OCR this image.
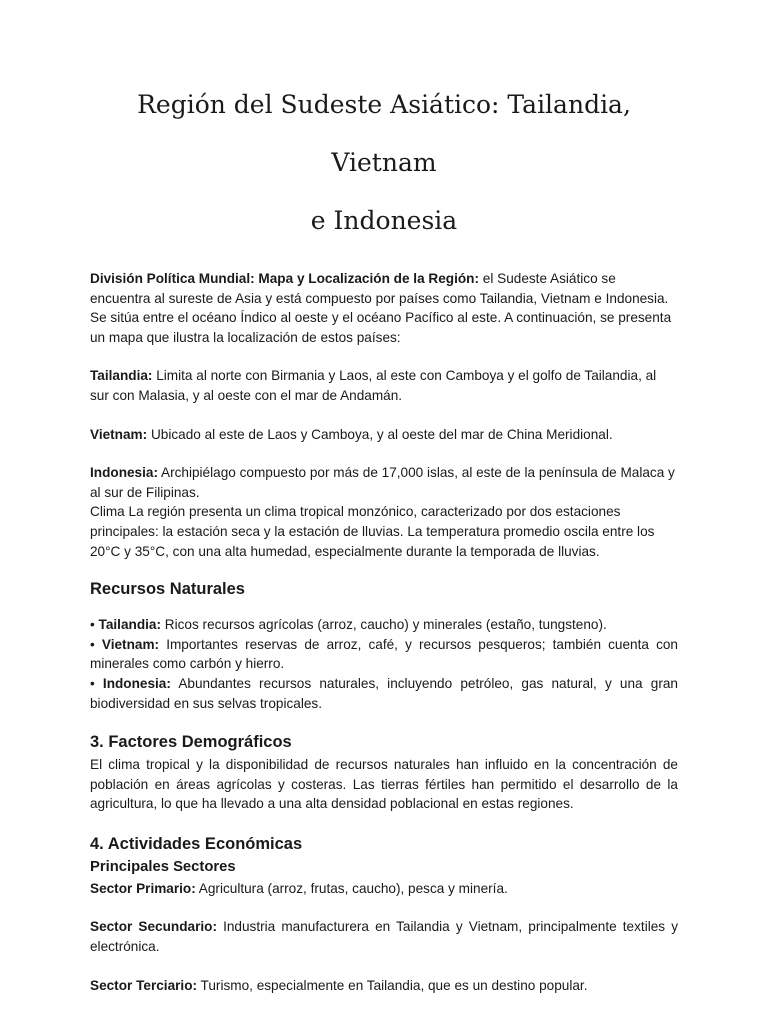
Región del Sudeste Asiático: Tailandia, Vietnam
e Indonesia

División Política Mundial: Mapa y Localización de la Región: el Sudeste Asiático se encuentra al sureste de Asia y está compuesto por países como Tailandia, Vietnam e Indonesia. Se sitúa entre el océano Índico al oeste y el océano Pacífico al este. A continuación, se presenta un mapa que ilustra la localización de estos países:

Tailandia: Limita al norte con Birmania y Laos, al este con Camboya y el golfo de Tailandia, al sur con Malasia, y al oeste con el mar de Andamán.

Vietnam: Ubicado al este de Laos y Camboya, y al oeste del mar de China Meridional.

Indonesia: Archipiélago compuesto por más de 17,000 islas, al este de la península de Malaca y al sur de Filipinas.

Clima La región presenta un clima tropical monzónico, caracterizado por dos estaciones principales: la estación seca y la estación de lluvias. La temperatura promedio oscila entre los 20°C y 35°C, con una alta humedad, especialmente durante la temporada de lluvias.

Recursos Naturales

• Tailandia: Ricos recursos agrícolas (arroz, caucho) y minerales (estaño, tungsteno).

• Vietnam: Importantes reservas de arroz, café, y recursos pesqueros; también cuenta con minerales como carbón y hierro.

• Indonesia: Abundantes recursos naturales, incluyendo petróleo, gas natural, y una gran biodiversidad en sus selvas tropicales.

3. Factores Demográficos

El clima tropical y la disponibilidad de recursos naturales han influido en la concentración de población en áreas agrícolas y costeras. Las tierras fértiles han permitido el desarrollo de la agricultura, lo que ha llevado a una alta densidad poblacional en estas regiones.

4. Actividades Económicas
Principales Sectores

Sector Primario: Agricultura (arroz, frutas, caucho), pesca y minería.

Sector Secundario: Industria manufacturera en Tailandia y Vietnam, principalmente textiles y electrónica.

Sector Terciario: Turismo, especialmente en Tailandia, que es un destino popular.
